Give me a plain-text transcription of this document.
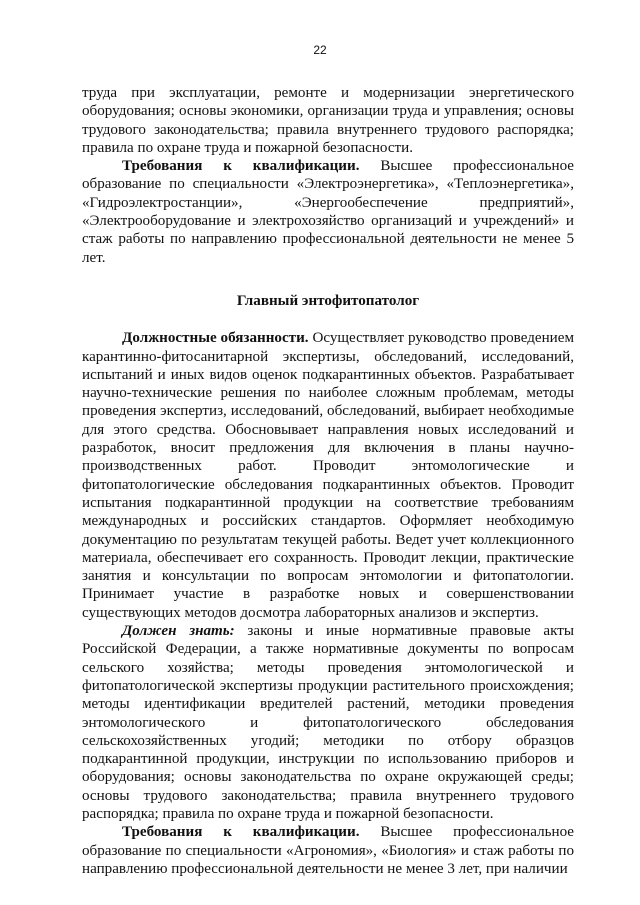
22

труда при эксплуатации, ремонте и модернизации энергетического оборудования; основы экономики, организации труда и управления; основы трудового законодательства; правила внутреннего трудового распорядка; правила по охране труда и пожарной безопасности.

Требования к квалификации. Высшее профессиональное образование по специальности «Электроэнергетика», «Теплоэнергетика», «Гидроэлектростанции», «Энергообеспечение предприятий», «Электрооборудование и электрохозяйство организаций и учреждений» и стаж работы по направлению профессиональной деятельности не менее 5 лет.

Главный энтофитопатолог

Должностные обязанности. Осуществляет руководство проведением карантинно-фитосанитарной экспертизы, обследований, исследований, испытаний и иных видов оценок подкарантинных объектов. Разрабатывает научно-технические решения по наиболее сложным проблемам, методы проведения экспертиз, исследований, обследований, выбирает необходимые для этого средства. Обосновывает направления новых исследований и разработок, вносит предложения для включения в планы научно-производственных работ. Проводит энтомологические и фитопатологические обследования подкарантинных объектов. Проводит испытания подкарантинной продукции на соответствие требованиям международных и российских стандартов. Оформляет необходимую документацию по результатам текущей работы. Ведет учет коллекционного материала, обеспечивает его сохранность. Проводит лекции, практические занятия и консультации по вопросам энтомологии и фитопатологии. Принимает участие в разработке новых и совершенствовании существующих методов досмотра лабораторных анализов и экспертиз.

Должен знать: законы и иные нормативные правовые акты Российской Федерации, а также нормативные документы по вопросам сельского хозяйства; методы проведения энтомологической и фитопатологической экспертизы продукции растительного происхождения; методы идентификации вредителей растений, методики проведения энтомологического и фитопатологического обследования сельскохозяйственных угодий; методики по отбору образцов подкарантинной продукции, инструкции по использованию приборов и оборудования; основы законодательства по охране окружающей среды; основы трудового законодательства; правила внутреннего трудового распорядка; правила по охране труда и пожарной безопасности.

Требования к квалификации. Высшее профессиональное образование по специальности «Агрономия», «Биология» и стаж работы по направлению профессиональной деятельности не менее 3 лет, при наличии
